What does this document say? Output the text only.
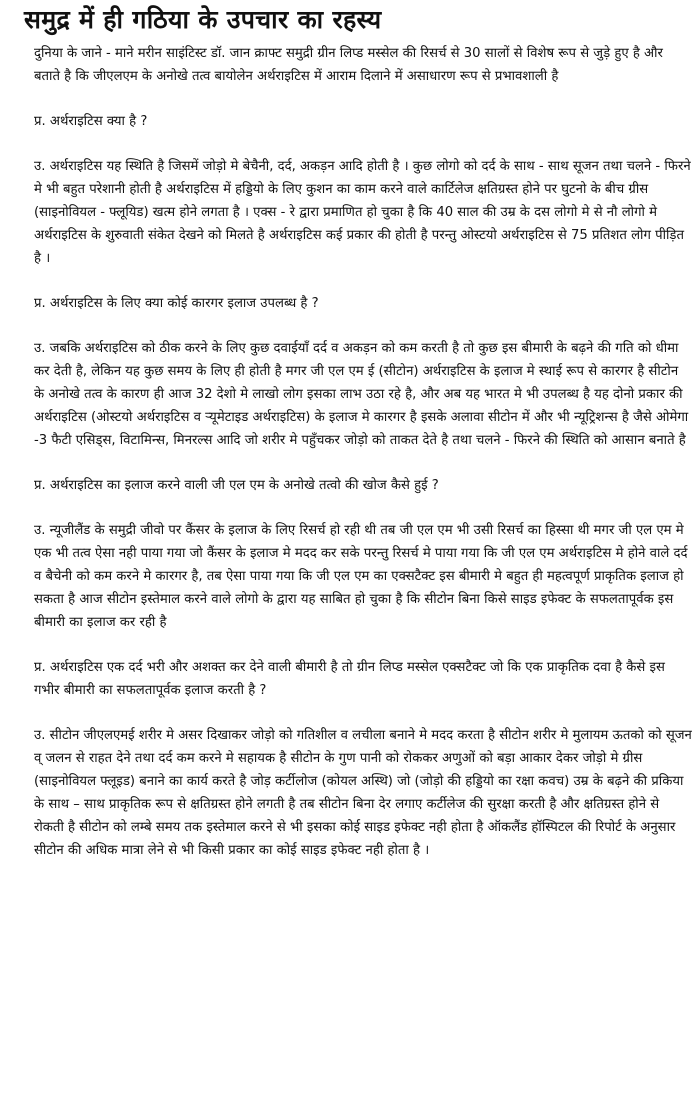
समुद्र में ही गठिया के उपचार का रहस्य

दुनिया के जाने - माने मरीन साइंटिस्ट डॉ. जान क्राफ्ट समुद्री ग्रीन लिप्ड मस्सेल की रिसर्च से 30 सालों से विशेष रूप से जुड़े हुए है और बताते है कि जीएलएम के अनोखे तत्व बायोलेन अर्थराइटिस में आराम दिलाने में असाधारण रूप से प्रभावशाली है

प्र. अर्थराइटिस क्या है ?

उ. अर्थराइटिस यह स्थिति है जिसमें जोड़ो मे बेचैनी, दर्द, अकड़न आदि होती है । कुछ लोगो को दर्द के साथ - साथ सूजन तथा चलने - फिरने मे भी बहुत परेशानी होती है अर्थराइटिस में हड्डियो के लिए कुशन का काम करने वाले कार्टिलेज क्षतिग्रस्त होने पर घुटनो के बीच ग्रीस (साइनोवियल - फ्लूयिड) खत्म होने लगता है । एक्स - रे द्वारा प्रमाणित हो चुका है कि 40 साल की उम्र के दस लोगो मे से नौ लोगो मे अर्थराइटिस के शुरुवाती संकेत देखने को मिलते है अर्थराइटिस कई प्रकार की होती है परन्तु ओस्टयो अर्थराइटिस से 75 प्रतिशत लोग पीड़ित है ।

प्र. अर्थराइटिस के लिए क्या कोई कारगर इलाज उपलब्ध है ?

उ. जबकि अर्थराइटिस को ठीक करने के लिए कुछ दवाईयॉं दर्द व अकड़न को कम करती है तो कुछ इस बीमारी के बढ़ने की गति को धीमा कर देती है, लेकिन यह कुछ समय के लिए ही होती है मगर जी एल एम ई (सीटोन) अर्थराइटिस के इलाज मे स्थाई रूप से कारगर है सीटोन के अनोखे तत्व के कारण ही आज 32 देशो मे लाखो लोग इसका लाभ उठा रहे है, और अब यह भारत मे भी उपलब्ध है यह दोनो प्रकार की अर्थराइटिस (ओस्टयो अर्थराइटिस व र्‍यूमेटाइड अर्थराइटिस) के इलाज मे कारगर है इसके अलावा सीटोन में और भी न्यूट्रिशन्स है जैसे ओमेगा -3 फैटी एसिड्स, विटामिन्स, मिनरल्स आदि जो शरीर मे पहुँचकर जोड़ो को ताकत देते है तथा चलने - फिरने की स्थिति को आसान बनाते है

प्र. अर्थराइटिस का इलाज करने वाली जी एल एम के अनोखे तत्वो की खोज कैसे हुई ?

उ. न्यूजीलैंड के समुद्री जीवो पर कैंसर के इलाज के लिए रिसर्च हो रही थी तब जी एल एम भी उसी रिसर्च का हिस्सा थी मगर जी एल एम मे एक भी तत्व ऐसा नही पाया गया जो कैंसर के इलाज मे मदद कर सके परन्तु रिसर्च मे पाया गया कि जी एल एम अर्थराइटिस मे होने वाले दर्द व बैचेनी को कम करने मे कारगर है, तब ऐसा पाया गया कि जी एल एम का एक्सटैक्ट इस बीमारी मे बहुत ही महत्वपूर्ण प्राकृतिक इलाज हो सकता है आज सीटोन इस्तेमाल करने वाले लोगो के द्वारा यह साबित हो चुका है कि सीटोन बिना किसे साइड इफेक्ट के सफलतापूर्वक इस बीमारी का इलाज कर रही है

प्र. अर्थराइटिस एक दर्द भरी और अशक्त कर देने वाली बीमारी है तो ग्रीन लिप्ड मस्सेल एक्सटैक्ट जो कि एक प्राकृतिक दवा है कैसे इस गभीर बीमारी का सफलतापूर्वक इलाज करती है ?

उ. सीटोन जीएलएमई शरीर मे असर दिखाकर जोड़ो को गतिशील व लचीला बनाने मे मदद करता है सीटोन शरीर मे मुलायम ऊतको को सूजन व् जलन से राहत देने तथा दर्द कम करने मे सहायक है सीटोन के गुण पानी को रोककर अणुओं को बड़ा आकार देकर जोड़ो मे ग्रीस (साइनोवियल फ्लूइड) बनाने का कार्य करते है जोड़ कर्टीलोज (कोयल अस्थि) जो (जोड़ो की हड्डियो का रक्षा कवच) उम्र के बढ़ने की प्रकिया के साथ – साथ प्राकृतिक रूप से क्षतिग्रस्त होने लगती है तब सीटोन बिना देर लगाए कर्टीलेज की सुरक्षा करती है और क्षतिग्रस्त होने से रोकती है सीटोन को लम्बे समय तक इस्तेमाल करने से भी इसका कोई साइड इफेक्ट नही होता है ऑकलैंड हॉस्पिटल की रिपोर्ट के अनुसार सीटोन की अधिक मात्रा लेने से भी किसी प्रकार का कोई साइड इफेक्ट नही होता है ।
